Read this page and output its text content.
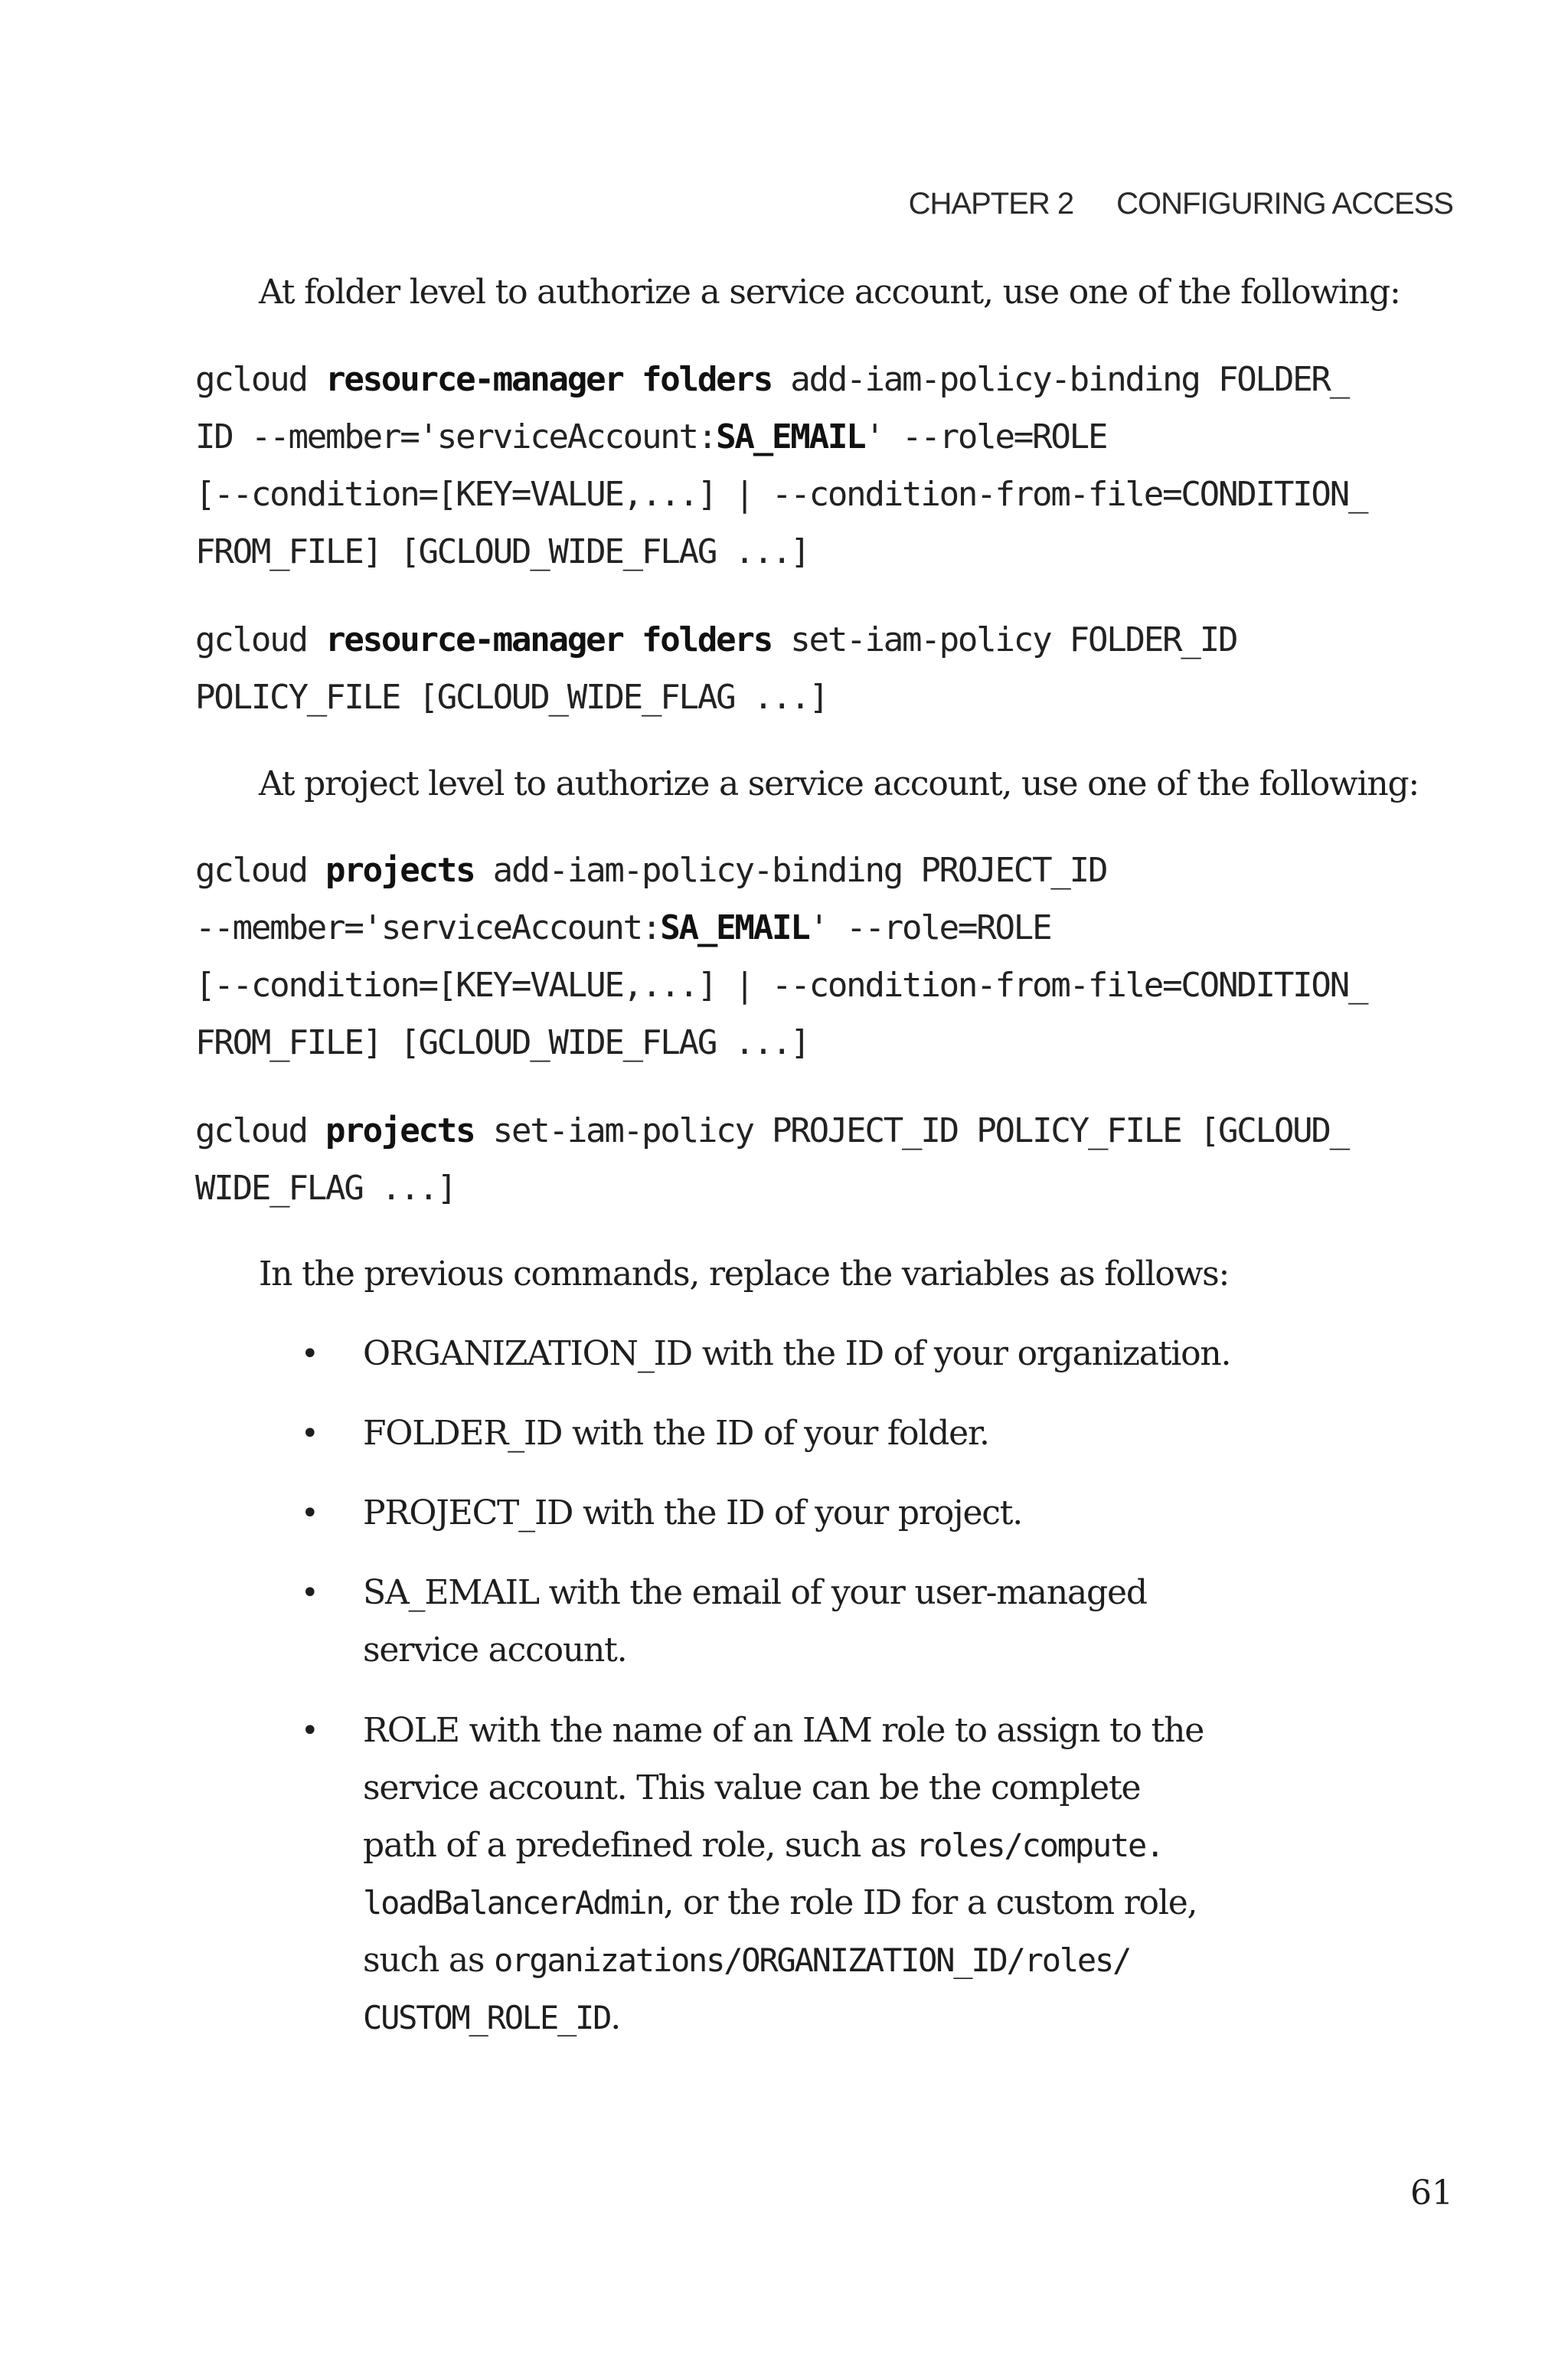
CHAPTER 2 CONFIGURING ACCESS
At folder level to authorize a service account, use one of the following:
gcloud resource-manager folders add-iam-policy-binding FOLDER_
ID --member='serviceAccount:SA_EMAIL' --role=ROLE
[--condition=[KEY=VALUE,...] | --condition-from-file=CONDITION_
FROM_FILE] [GCLOUD_WIDE_FLAG ...]
gcloud resource-manager folders set-iam-policy FOLDER_ID
POLICY_FILE [GCLOUD_WIDE_FLAG ...]
At project level to authorize a service account, use one of the following:
gcloud projects add-iam-policy-binding PROJECT_ID
--member='serviceAccount:SA_EMAIL' --role=ROLE
[--condition=[KEY=VALUE,...] | --condition-from-file=CONDITION_
FROM_FILE] [GCLOUD_WIDE_FLAG ...]
gcloud projects set-iam-policy PROJECT_ID POLICY_FILE [GCLOUD_
WIDE_FLAG ...]
In the previous commands, replace the variables as follows:
• ORGANIZATION_ID with the ID of your organization.
• FOLDER_ID with the ID of your folder.
• PROJECT_ID with the ID of your project.
• SA_EMAIL with the email of your user-managed
service account.
• ROLE with the name of an IAM role to assign to the
service account. This value can be the complete
path of a predefined role, such as roles/compute.
loadBalancerAdmin, or the role ID for a custom role,
such as organizations/ORGANIZATION_ID/roles/
CUSTOM_ROLE_ID.
61
